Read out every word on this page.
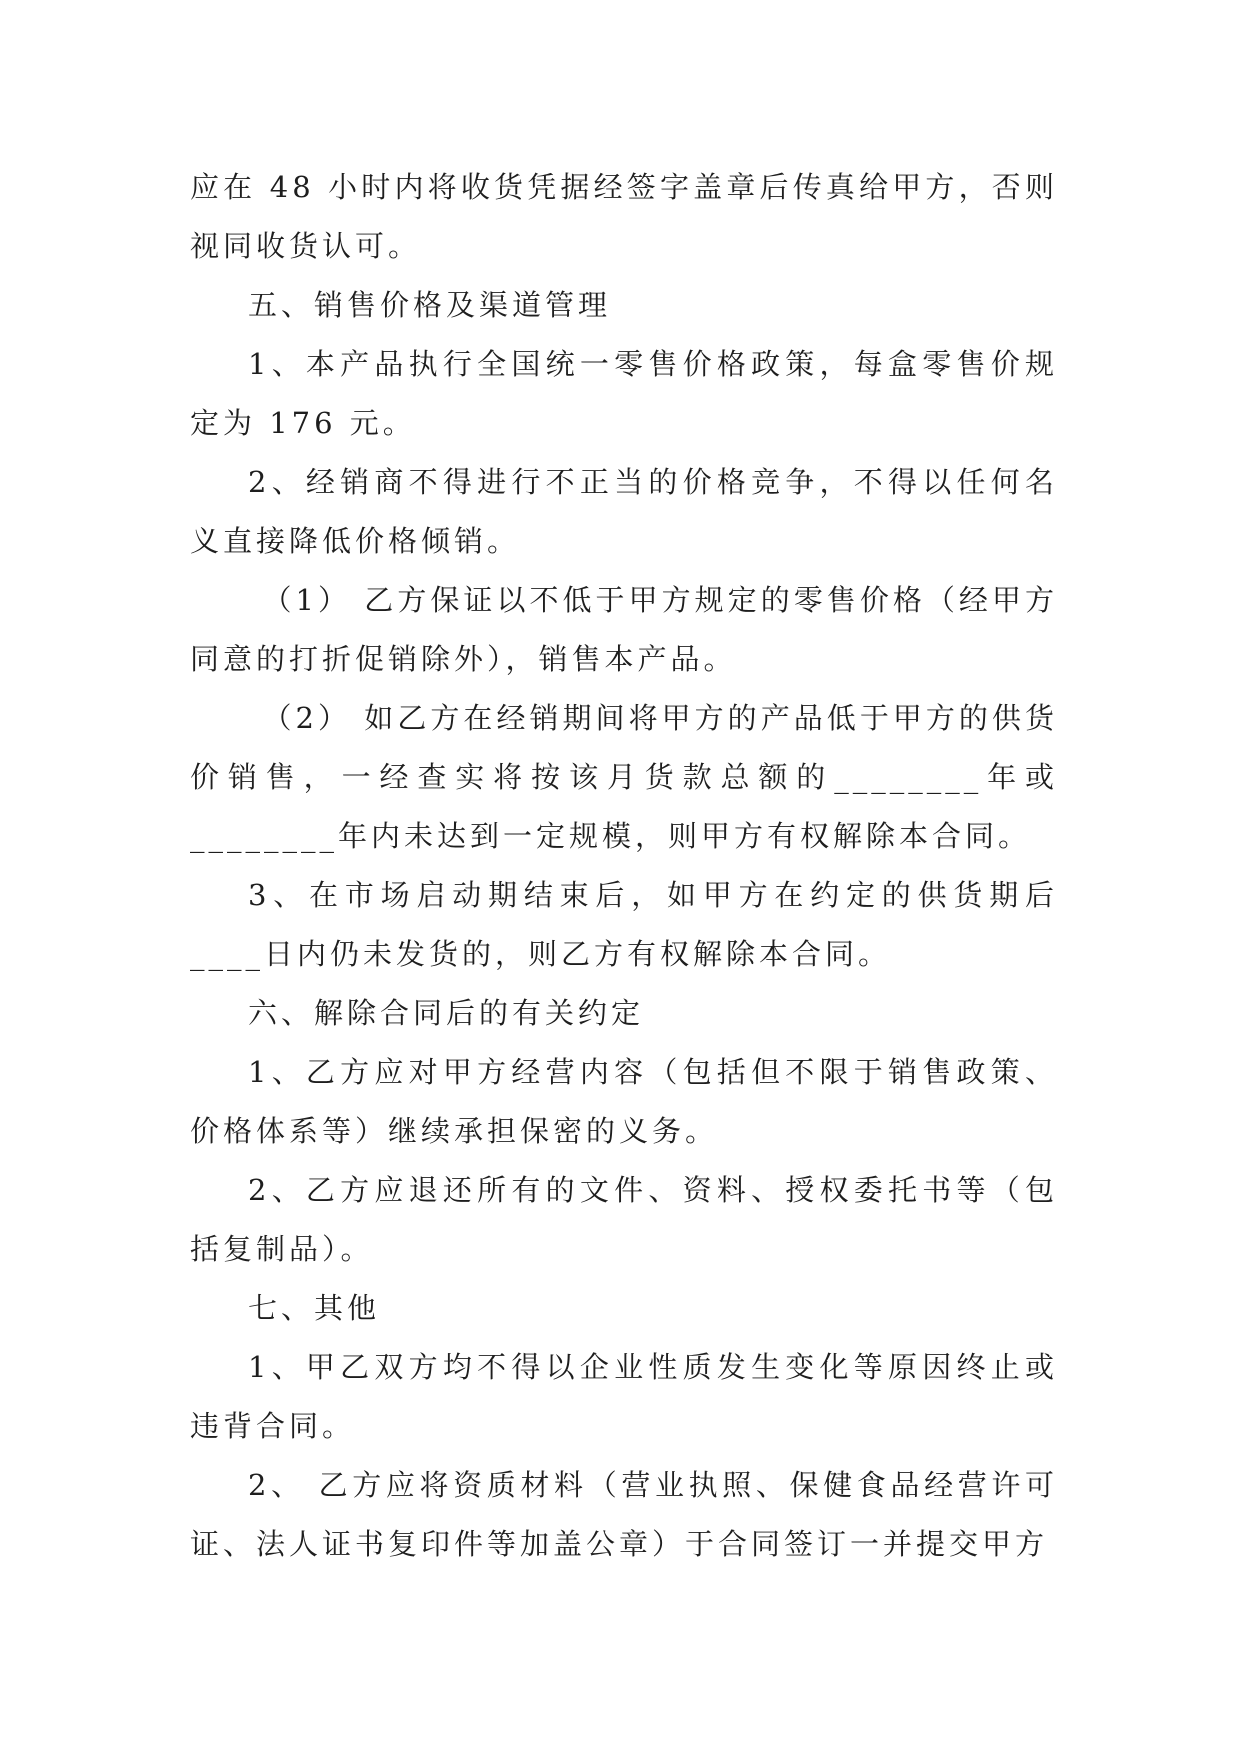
应在 48 小时内将收货凭据经签字盖章后传真给甲方，否则视同收货认可。

五、销售价格及渠道管理

1、本产品执行全国统一零售价格政策，每盒零售价规定为 176 元。

2、经销商不得进行不正当的价格竞争，不得以任何名义直接降低价格倾销。

（1） 乙方保证以不低于甲方规定的零售价格（经甲方同意的打折促销除外），销售本产品。

（2） 如乙方在经销期间将甲方的产品低于甲方的供货价销售，一经查实将按该月货款总额的________年或________年内未达到一定规模，则甲方有权解除本合同。

3、在市场启动期结束后，如甲方在约定的供货期后____日内仍未发货的，则乙方有权解除本合同。

六、解除合同后的有关约定

1、乙方应对甲方经营内容（包括但不限于销售政策、价格体系等）继续承担保密的义务。

2、乙方应退还所有的文件、资料、授权委托书等（包括复制品）。

七、其他

1、甲乙双方均不得以企业性质发生变化等原因终止或违背合同。

2、 乙方应将资质材料（营业执照、保健食品经营许可证、法人证书复印件等加盖公章）于合同签订一并提交甲方
